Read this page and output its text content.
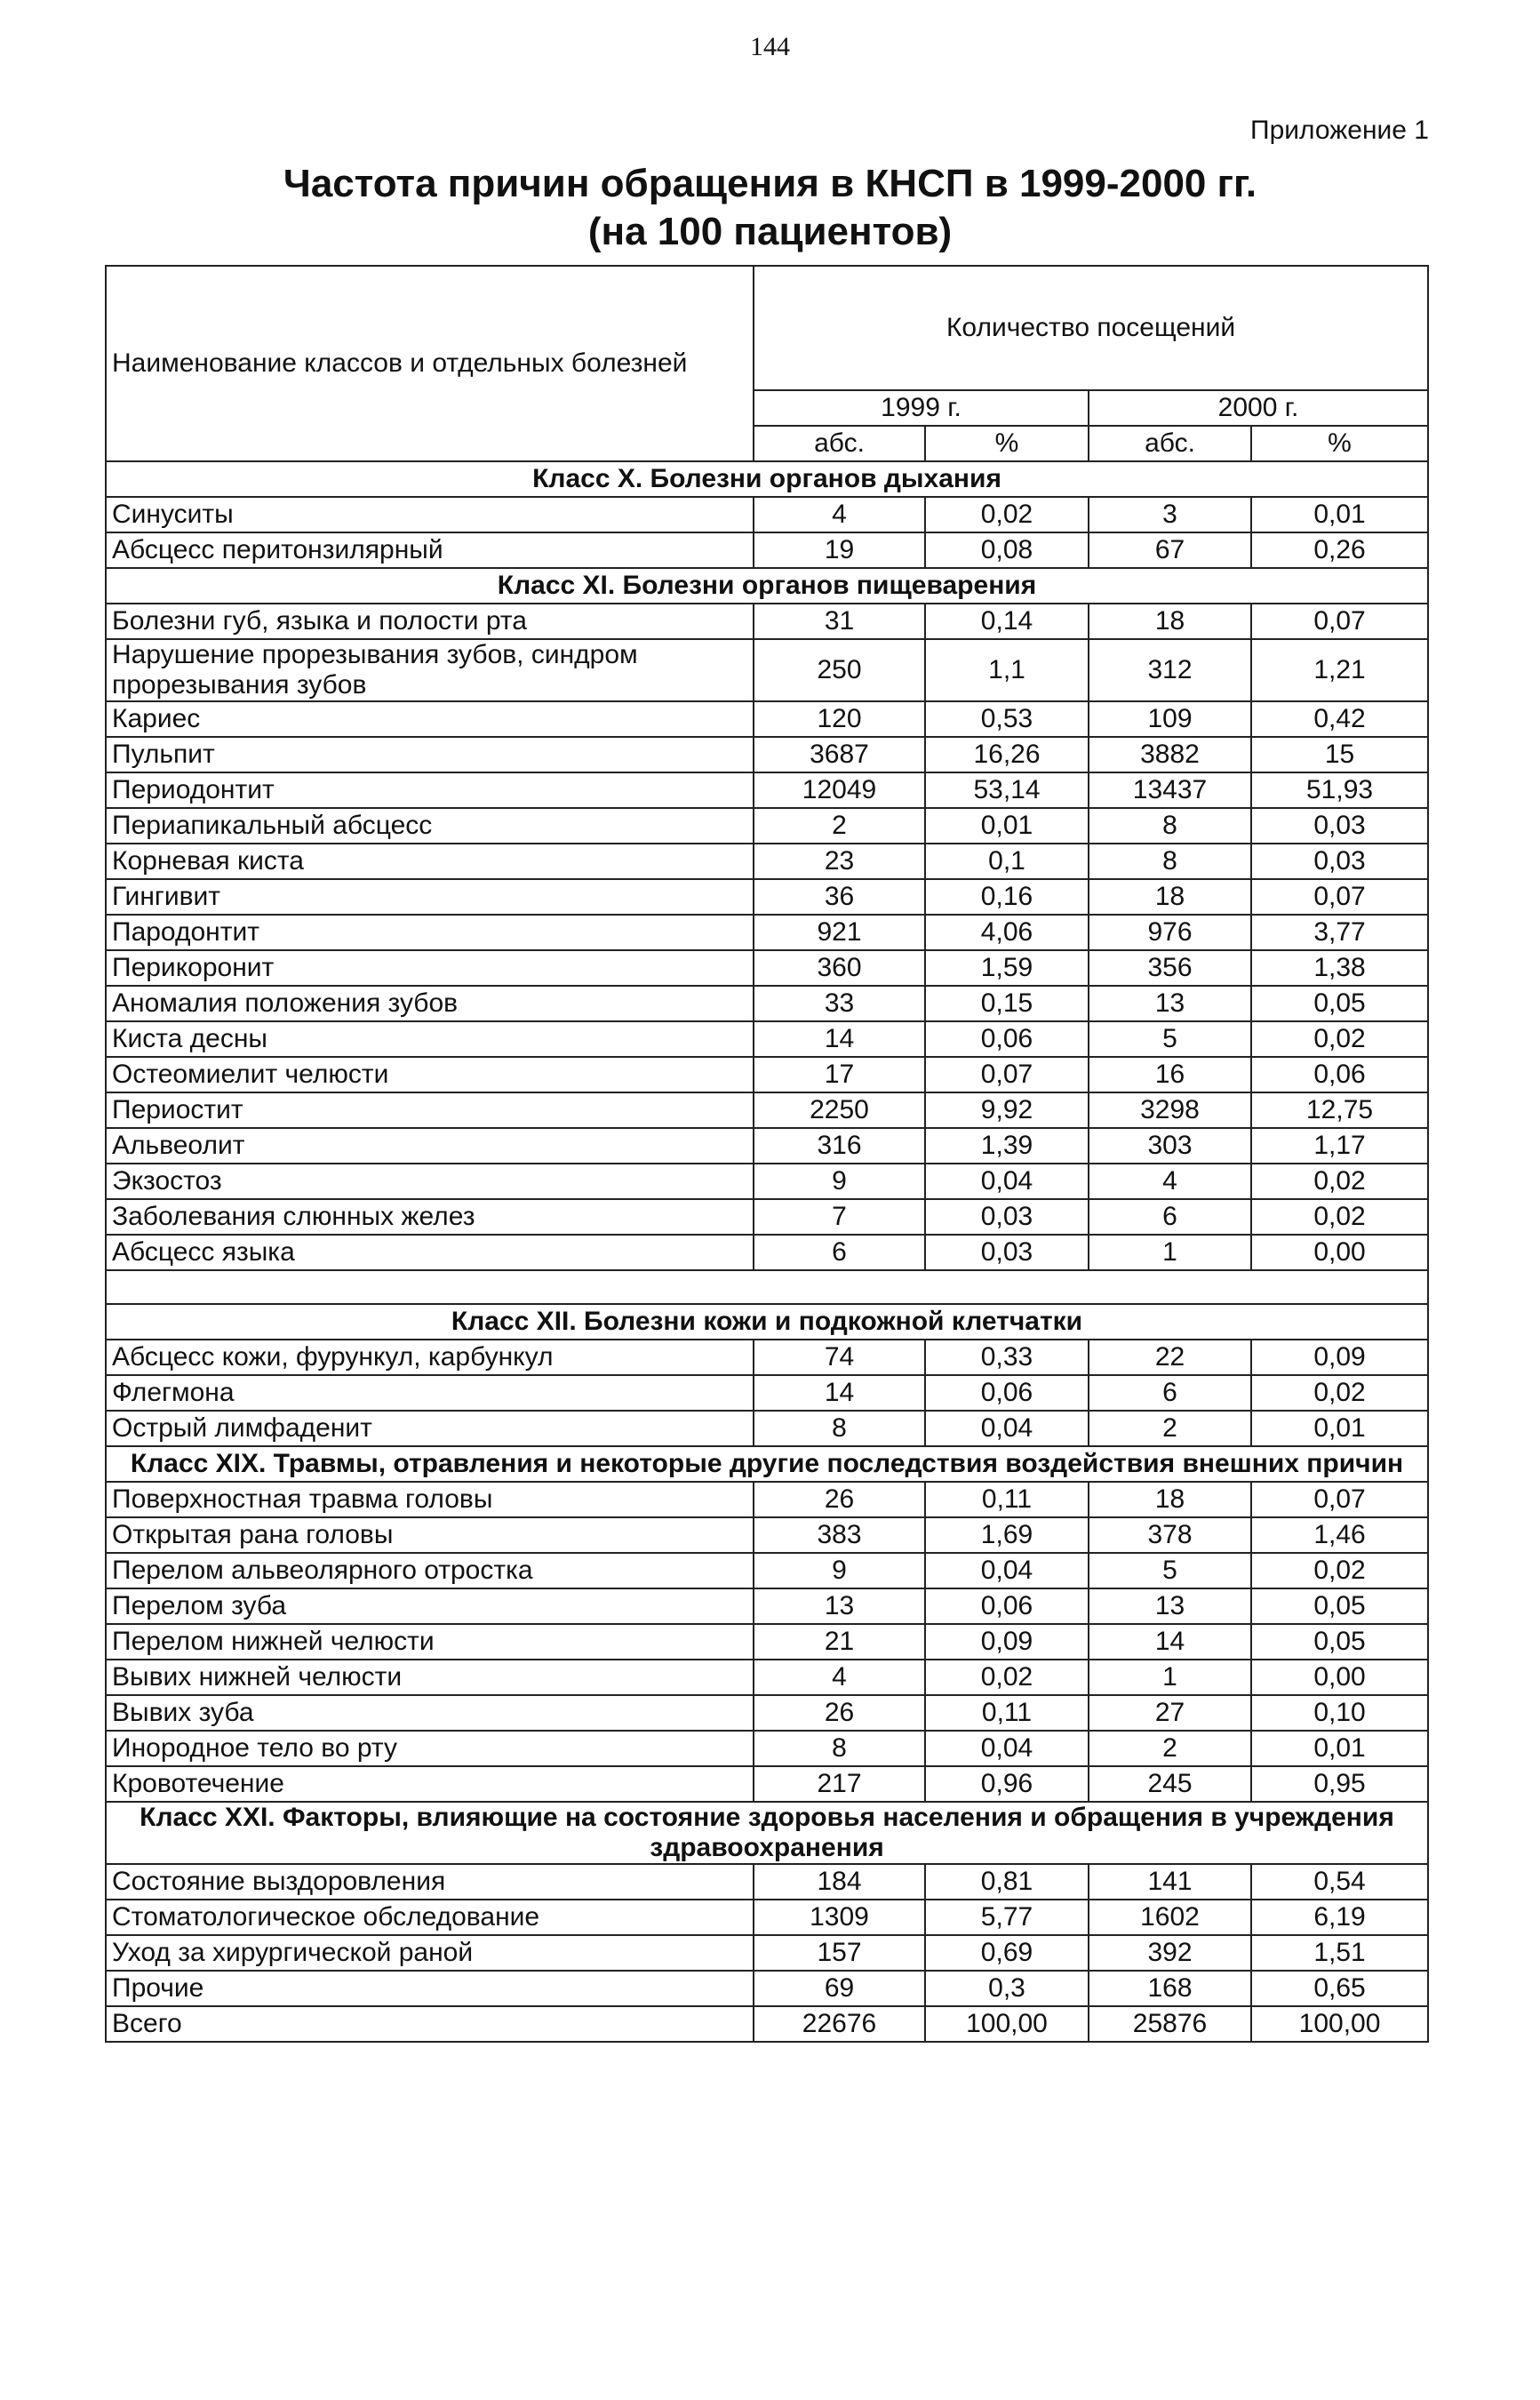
144
Приложение 1
Частота причин обращения в КНСП в 1999-2000 гг.
(на 100 пациентов)
Наименование классов и отдельных болезней	Количество посещений			
	1999 г.		2000 г.	
	абс.	%	абс.	%
Класс X. Болезни органов дыхания				
Синуситы	4	0,02	3	0,01
Абсцесс перитонзилярный	19	0,08	67	0,26
Класс XI. Болезни органов пищеварения				
Болезни губ, языка и полости рта	31	0,14	18	0,07
Нарушение прорезывания зубов, синдром прорезывания зубов	250	1,1	312	1,21
Кариес	120	0,53	109	0,42
Пульпит	3687	16,26	3882	15
Периодонтит	12049	53,14	13437	51,93
Периапикальный абсцесс	2	0,01	8	0,03
Корневая киста	23	0,1	8	0,03
Гингивит	36	0,16	18	0,07
Пародонтит	921	4,06	976	3,77
Перикоронит	360	1,59	356	1,38
Аномалия положения зубов	33	0,15	13	0,05
Киста десны	14	0,06	5	0,02
Остеомиелит челюсти	17	0,07	16	0,06
Периостит	2250	9,92	3298	12,75
Альвеолит	316	1,39	303	1,17
Экзостоз	9	0,04	4	0,02
Заболевания слюнных желез	7	0,03	6	0,02
Абсцесс языка	6	0,03	1	0,00

Класс XII. Болезни кожи и подкожной клетчатки				
Абсцесс кожи, фурункул, карбункул	74	0,33	22	0,09
Флегмона	14	0,06	6	0,02
Острый лимфаденит	8	0,04	2	0,01
Класс XIX. Травмы, отравления и некоторые другие последствия воздействия внешних причин				
Поверхностная травма головы	26	0,11	18	0,07
Открытая рана головы	383	1,69	378	1,46
Перелом альвеолярного отростка	9	0,04	5	0,02
Перелом зуба	13	0,06	13	0,05
Перелом нижней челюсти	21	0,09	14	0,05
Вывих нижней челюсти	4	0,02	1	0,00
Вывих зуба	26	0,11	27	0,10
Инородное тело во рту	8	0,04	2	0,01
Кровотечение	217	0,96	245	0,95
Класс XXI. Факторы, влияющие на состояние здоровья населения и обращения в учреждения здравоохранения				
Состояние выздоровления	184	0,81	141	0,54
Стоматологическое обследование	1309	5,77	1602	6,19
Уход за хирургической раной	157	0,69	392	1,51
Прочие	69	0,3	168	0,65
Всего	22676	100,00	25876	100,00
